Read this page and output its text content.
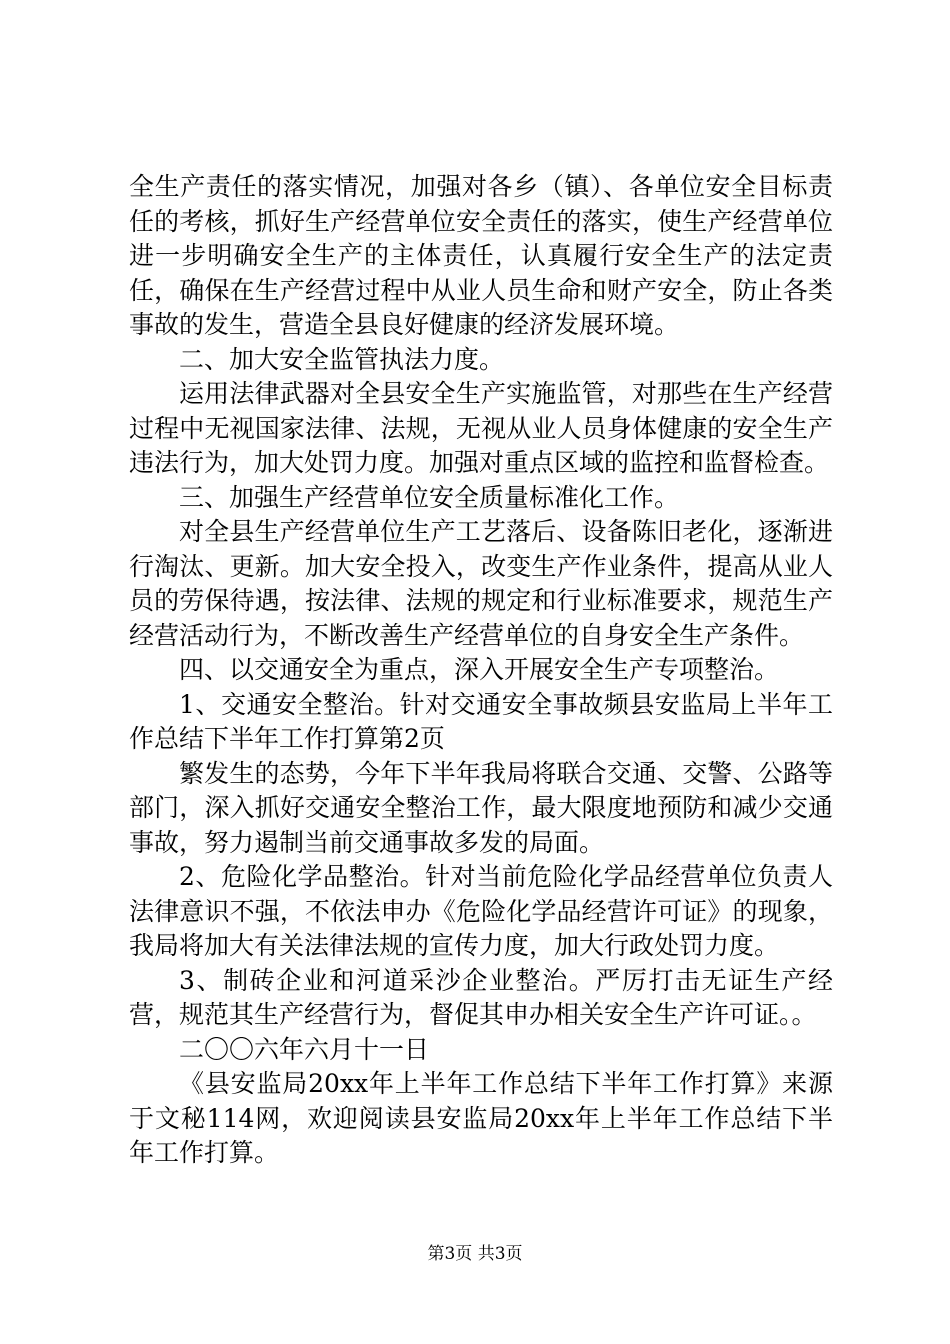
全生产责任的落实情况，加强对各乡（镇）、各单位安全目标责任的考核，抓好生产经营单位安全责任的落实，使生产经营单位进一步明确安全生产的主体责任，认真履行安全生产的法定责任，确保在生产经营过程中从业人员生命和财产安全，防止各类事故的发生，营造全县良好健康的经济发展环境。

二、加大安全监管执法力度。

运用法律武器对全县安全生产实施监管，对那些在生产经营过程中无视国家法律、法规，无视从业人员身体健康的安全生产违法行为，加大处罚力度。加强对重点区域的监控和监督检查。

三、加强生产经营单位安全质量标准化工作。

对全县生产经营单位生产工艺落后、设备陈旧老化，逐渐进行淘汰、更新。加大安全投入，改变生产作业条件，提高从业人员的劳保待遇，按法律、法规的规定和行业标准要求，规范生产经营活动行为，不断改善生产经营单位的自身安全生产条件。

四、以交通安全为重点，深入开展安全生产专项整治。

1、交通安全整治。针对交通安全事故频县安监局上半年工作总结下半年工作打算第2页

繁发生的态势，今年下半年我局将联合交通、交警、公路等部门，深入抓好交通安全整治工作，最大限度地预防和减少交通事故，努力遏制当前交通事故多发的局面。

2、危险化学品整治。针对当前危险化学品经营单位负责人法律意识不强，不依法申办《危险化学品经营许可证》的现象，我局将加大有关法律法规的宣传力度，加大行政处罚力度。

3、制砖企业和河道采沙企业整治。严厉打击无证生产经营，规范其生产经营行为，督促其申办相关安全生产许可证。。

二〇〇六年六月十一日

《县安监局20xx年上半年工作总结下半年工作打算》来源于文秘114网，欢迎阅读县安监局20xx年上半年工作总结下半年工作打算。

第3页 共3页
